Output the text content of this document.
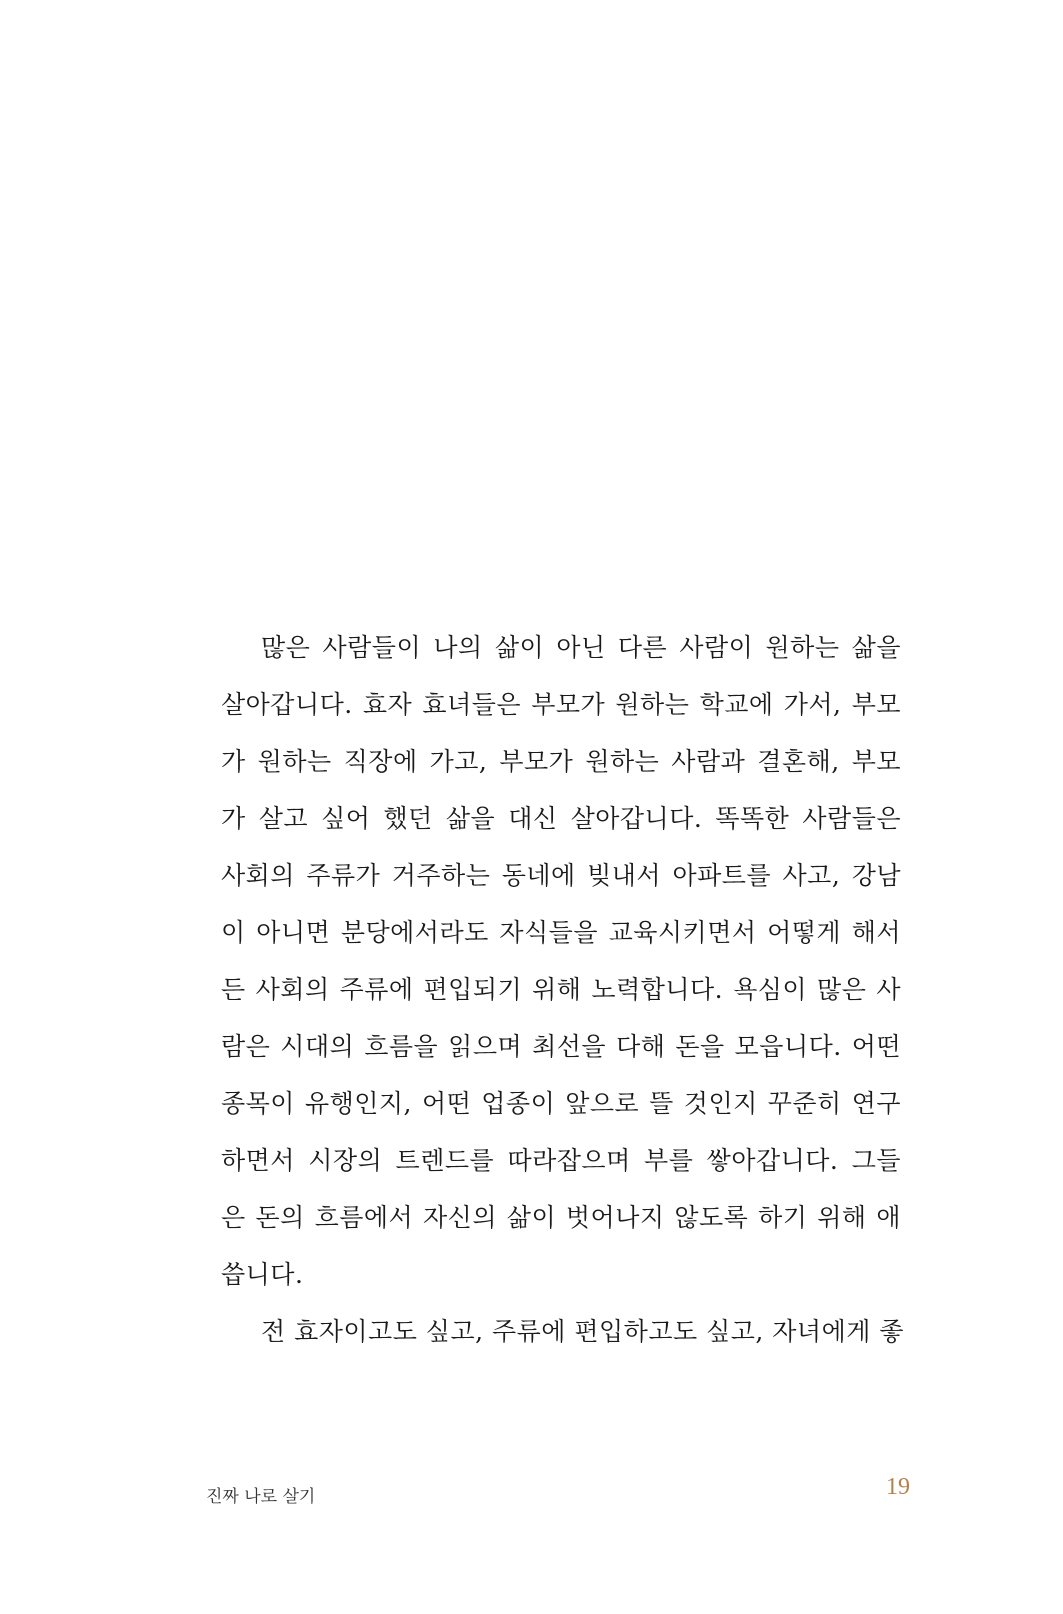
많은 사람들이 나의 삶이 아닌 다른 사람이 원하는 삶을
살아갑니다. 효자 효녀들은 부모가 원하는 학교에 가서, 부모
가 원하는 직장에 가고, 부모가 원하는 사람과 결혼해, 부모
가 살고 싶어 했던 삶을 대신 살아갑니다. 똑똑한 사람들은
사회의 주류가 거주하는 동네에 빚내서 아파트를 사고, 강남
이 아니면 분당에서라도 자식들을 교육시키면서 어떻게 해서
든 사회의 주류에 편입되기 위해 노력합니다. 욕심이 많은 사
람은 시대의 흐름을 읽으며 최선을 다해 돈을 모읍니다. 어떤
종목이 유행인지, 어떤 업종이 앞으로 뜰 것인지 꾸준히 연구
하면서 시장의 트렌드를 따라잡으며 부를 쌓아갑니다. 그들
은 돈의 흐름에서 자신의 삶이 벗어나지 않도록 하기 위해 애
씁니다.
전 효자이고도 싶고, 주류에 편입하고도 싶고, 자녀에게 좋
진짜 나로 살기	19
